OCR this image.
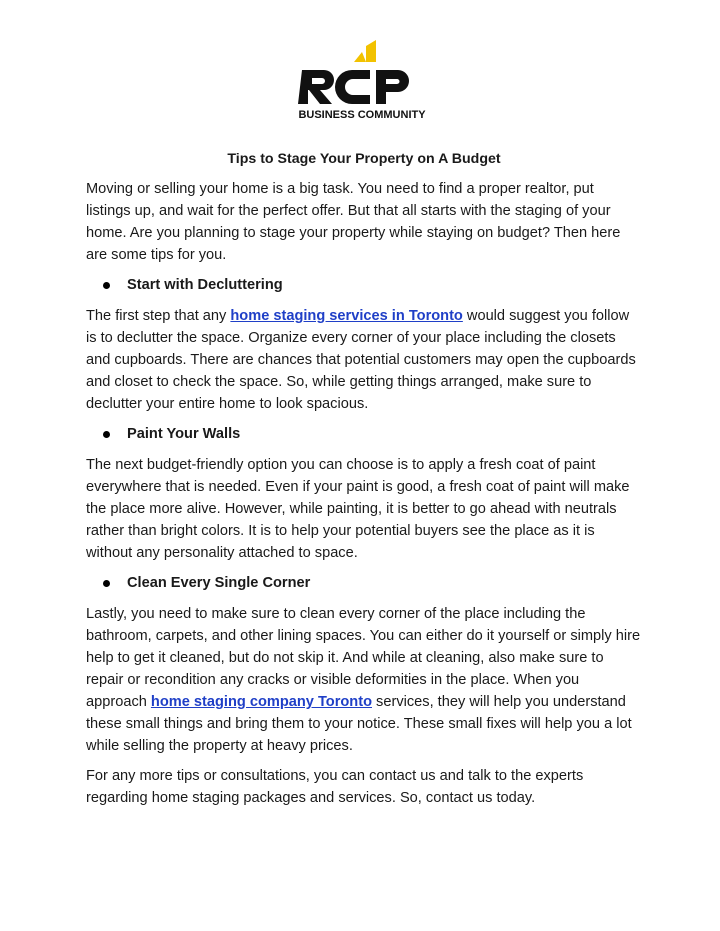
BUSINESS COMMUNITY
Tips to Stage Your Property on A Budget

Moving or selling your home is a big task. You need to find a proper realtor, put listings up, and wait for the perfect offer. But that all starts with the staging of your home. Are you planning to stage your property while staying on budget? Then here are some tips for you.

Start with Decluttering

The first step that any home staging services in Toronto would suggest you follow is to declutter the space. Organize every corner of your place including the closets and cupboards. There are chances that potential customers may open the cupboards and closet to check the space. So, while getting things arranged, make sure to declutter your entire home to look spacious.

Paint Your Walls

The next budget-friendly option you can choose is to apply a fresh coat of paint everywhere that is needed. Even if your paint is good, a fresh coat of paint will make the place more alive. However, while painting, it is better to go ahead with neutrals rather than bright colors. It is to help your potential buyers see the place as it is without any personality attached to space.

Clean Every Single Corner

Lastly, you need to make sure to clean every corner of the place including the bathroom, carpets, and other lining spaces. You can either do it yourself or simply hire help to get it cleaned, but do not skip it. And while at cleaning, also make sure to repair or recondition any cracks or visible deformities in the place. When you approach home staging company Toronto services, they will help you understand these small things and bring them to your notice. These small fixes will help you a lot while selling the property at heavy prices.

For any more tips or consultations, you can contact us and talk to the experts regarding home staging packages and services. So, contact us today.
